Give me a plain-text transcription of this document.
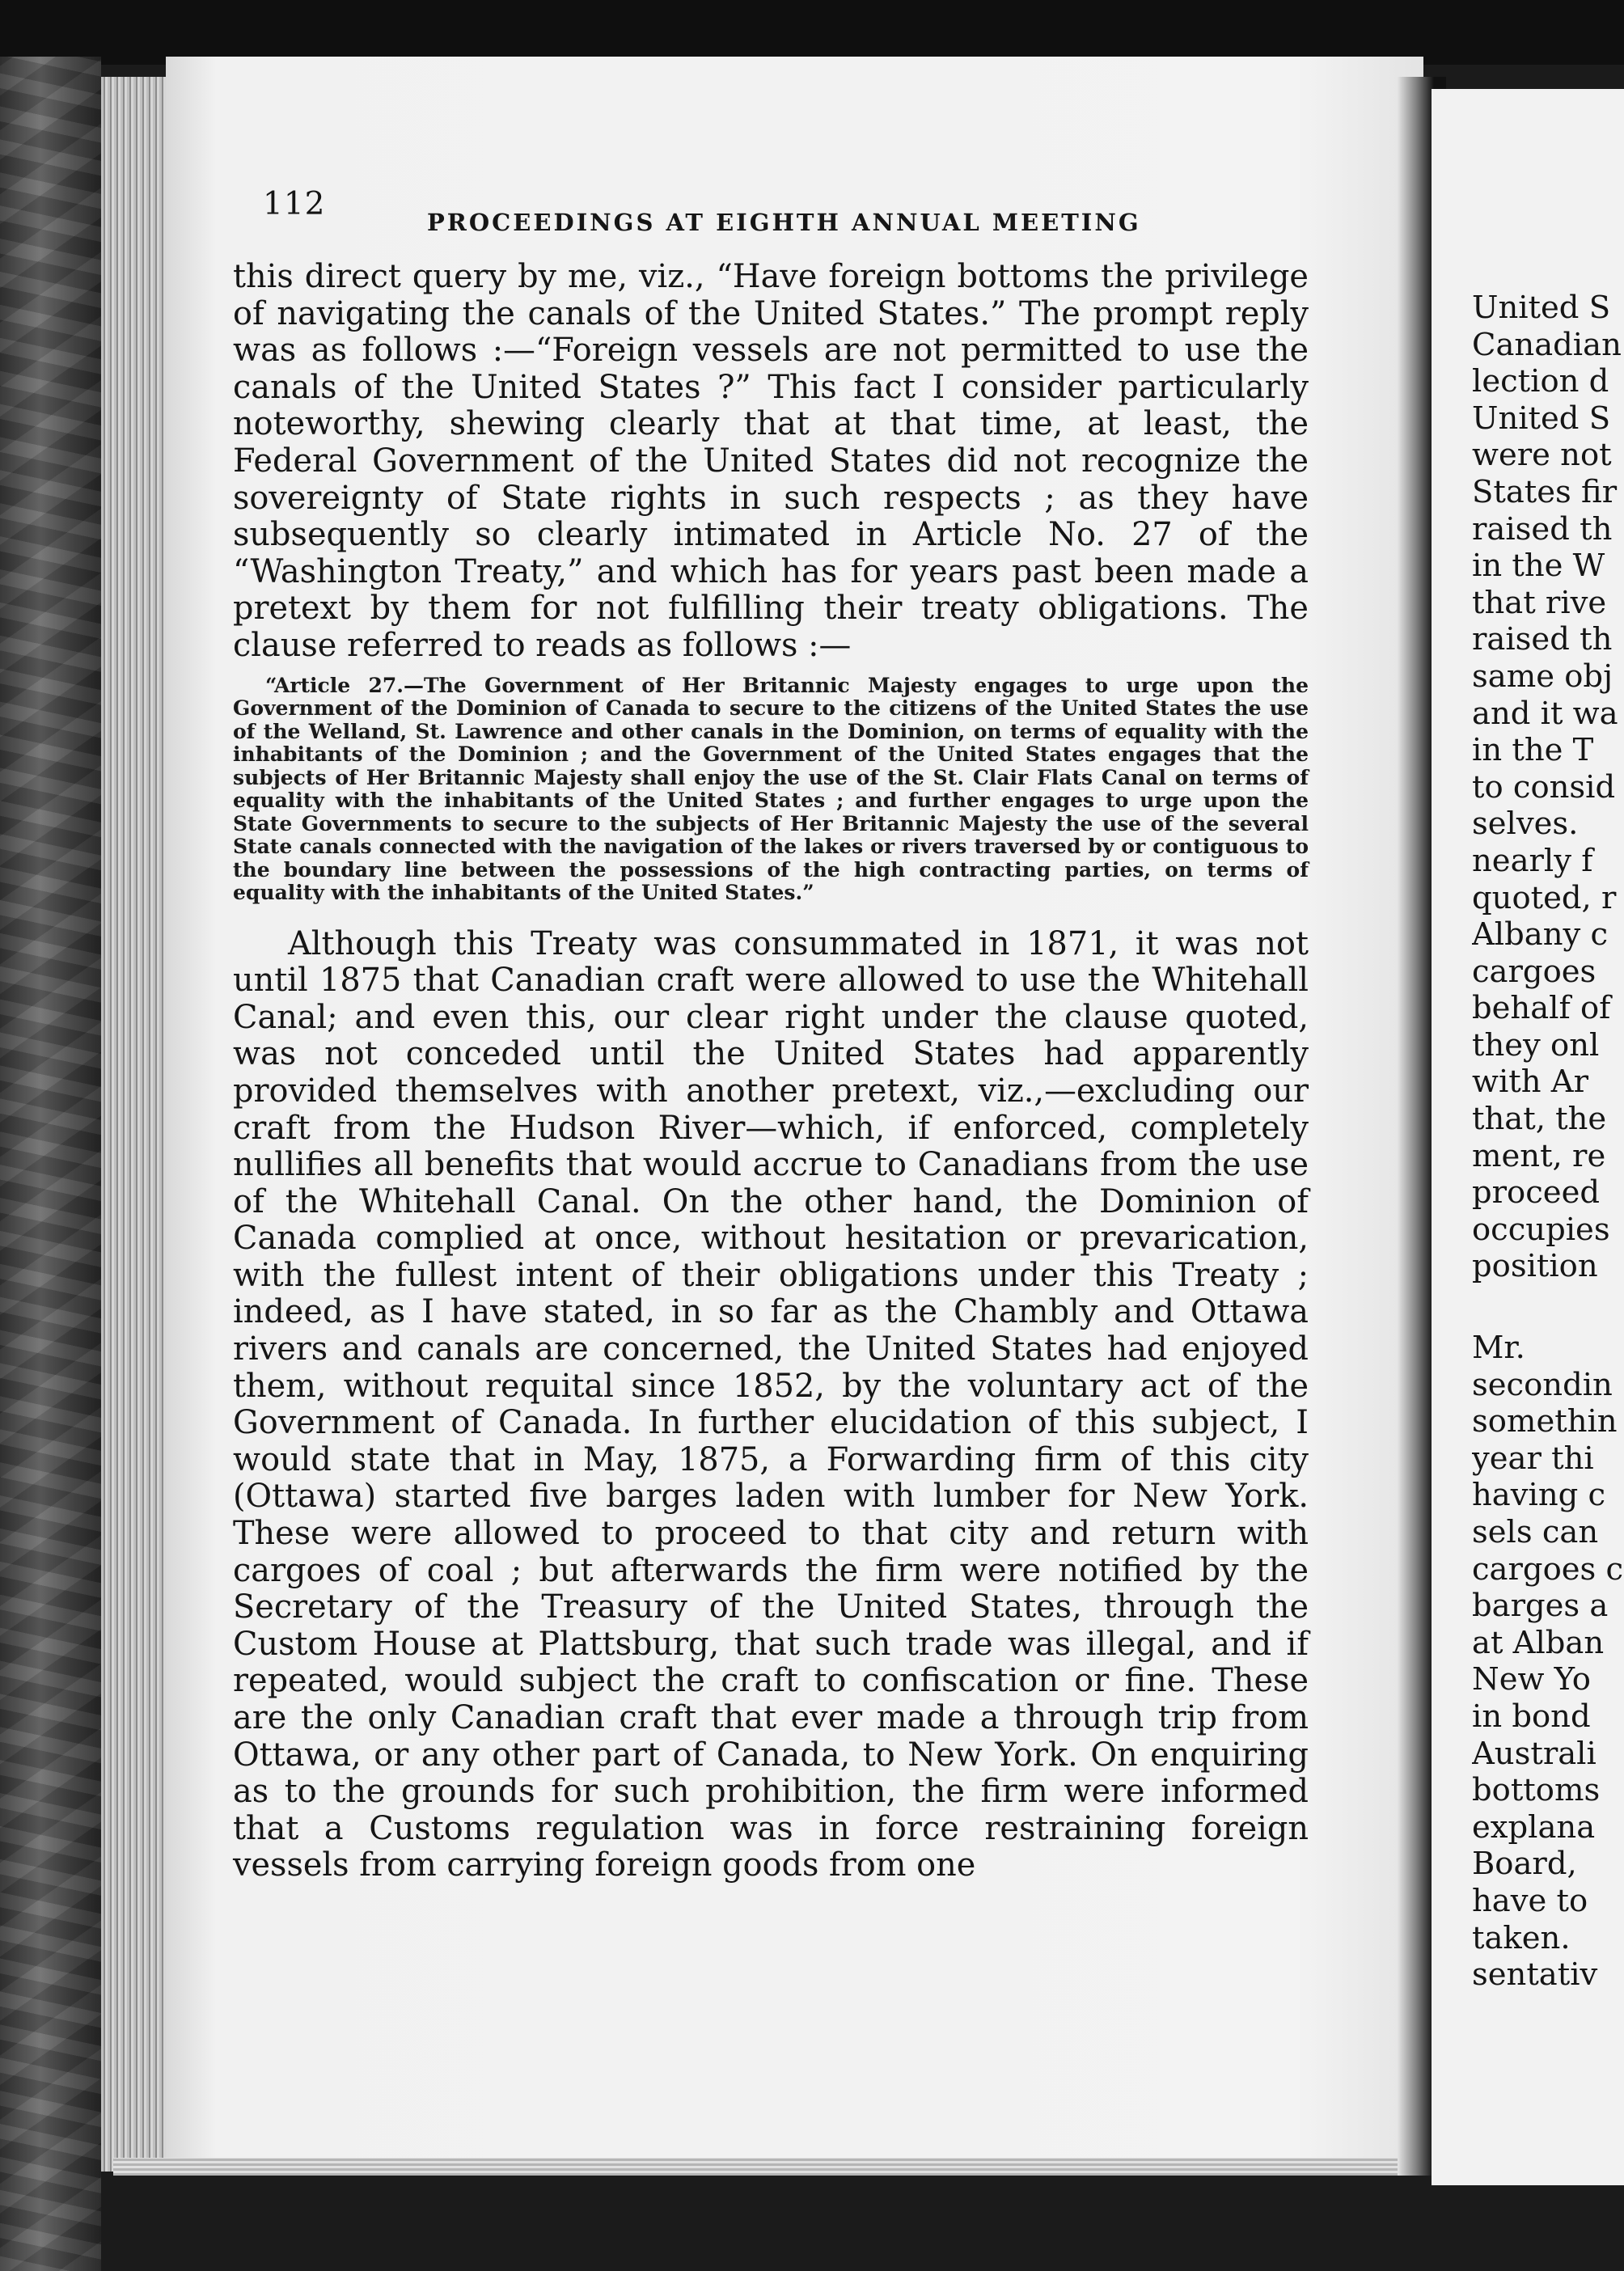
112	PROCEEDINGS AT EIGHTH ANNUAL MEETING

this direct query by me, viz., “Have foreign bottoms the privilege of navigating the canals of the United States.” The prompt reply was as follows :—“Foreign vessels are not permitted to use the canals of the United States ?” This fact I consider particularly noteworthy, shewing clearly that at that time, at least, the Federal Government of the United States did not recognize the sovereignty of State rights in such respects ; as they have subsequently so clearly intimated in Article No. 27 of the “Washington Treaty,” and which has for years past been made a pretext by them for not fulfilling their treaty obligations. The clause referred to reads as follows :—

“Article 27.—The Government of Her Britannic Majesty engages to urge upon the Government of the Dominion of Canada to secure to the citizens of the United States the use of the Welland, St. Lawrence and other canals in the Dominion, on terms of equality with the inhabitants of the Dominion ; and the Government of the United States engages that the subjects of Her Britannic Majesty shall enjoy the use of the St. Clair Flats Canal on terms of equality with the inhabitants of the United States ; and further engages to urge upon the State Governments to secure to the subjects of Her Britannic Majesty the use of the several State canals connected with the navigation of the lakes or rivers traversed by or contiguous to the boundary line between the possessions of the high contracting parties, on terms of equality with the inhabitants of the United States.”

Although this Treaty was consummated in 1871, it was not until 1875 that Canadian craft were allowed to use the Whitehall Canal; and even this, our clear right under the clause quoted, was not conceded until the United States had apparently provided themselves with another pretext, viz.,—excluding our craft from the Hudson River—which, if enforced, completely nullifies all benefits that would accrue to Canadians from the use of the Whitehall Canal. On the other hand, the Dominion of Canada complied at once, without hesitation or prevarication, with the fullest intent of their obligations under this Treaty ; indeed, as I have stated, in so far as the Chambly and Ottawa rivers and canals are concerned, the United States had enjoyed them, without requital since 1852, by the voluntary act of the Government of Canada. In further elucidation of this subject, I would state that in May, 1875, a Forwarding firm of this city (Ottawa) started five barges laden with lumber for New York. These were allowed to proceed to that city and return with cargoes of coal ; but afterwards the firm were notified by the Secretary of the Treasury of the United States, through the Custom House at Plattsburg, that such trade was illegal, and if repeated, would subject the craft to confiscation or fine. These are the only Canadian craft that ever made a through trip from Ottawa, or any other part of Canada, to New York. On enquiring as to the grounds for such prohibition, the firm were informed that a Customs regulation was in force restraining foreign vessels from carrying foreign goods from one

United S
Canadian
lection d
United S
were not
States fir
raised th
in the W
that rive
raised th
same obj
and it wa
in the T
to consid
selves.
nearly f
quoted, r
Albany c
cargoes
behalf of
they onl
with Ar
that, the
ment, re
proceed
occupies
position
Mr.
secondin
somethin
year thi
having c
sels can
cargoes c
barges a
at Alban
New Yo
in bond
Australi
bottoms
explana
Board,
have to
taken.
sentativ
